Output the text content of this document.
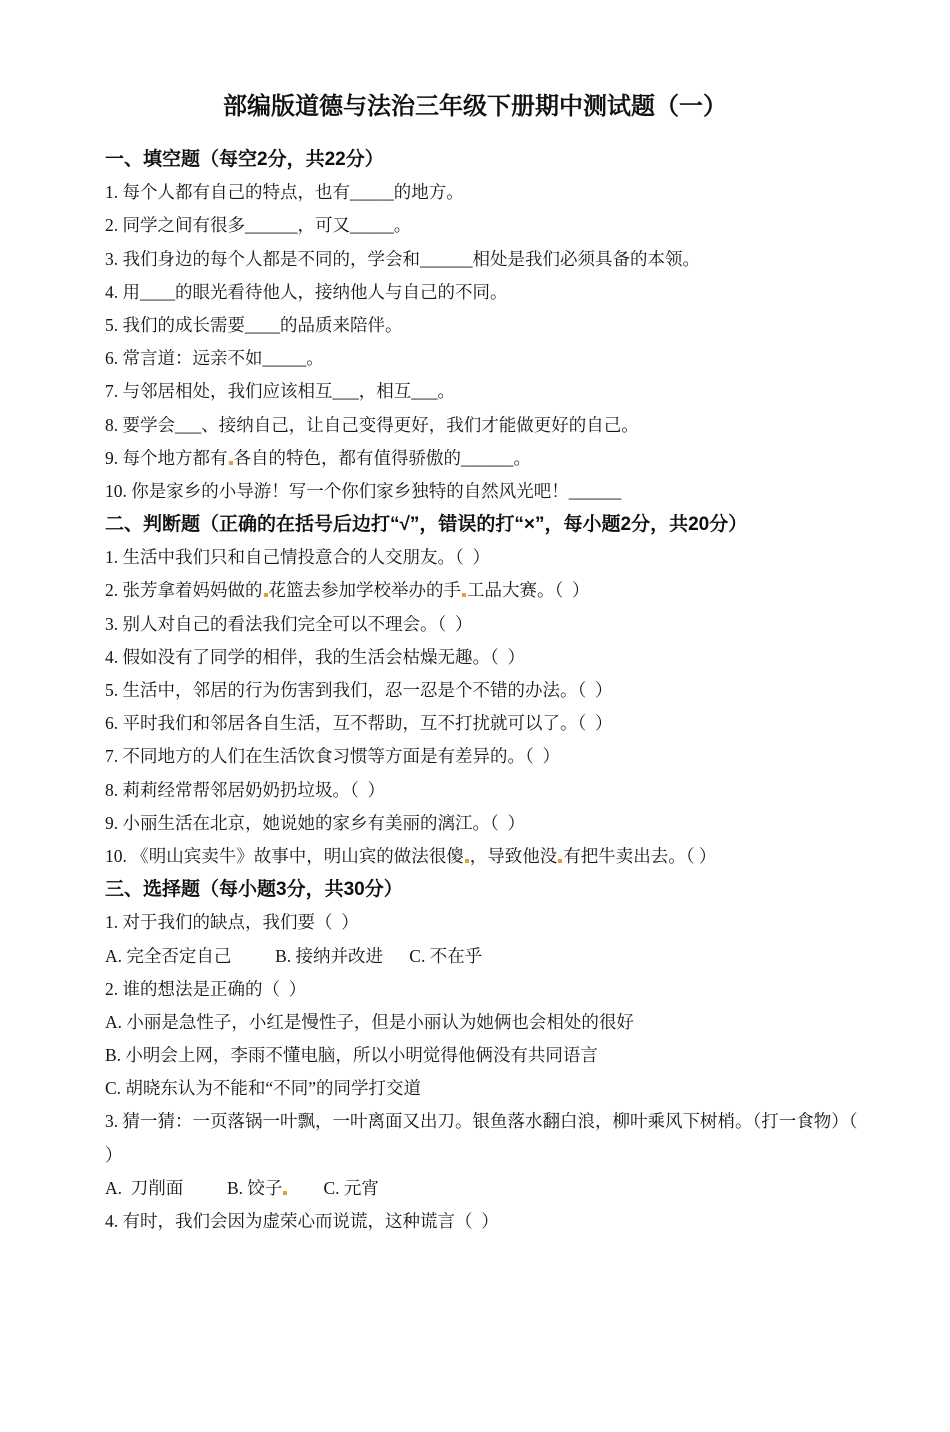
部编版道德与法治三年级下册期中测试题（一）
一、填空题（每空2分，共22分）
1. 每个人都有自己的特点，也有_____的地方。
2. 同学之间有很多______，可又_____。
3. 我们身边的每个人都是不同的，学会和______相处是我们必须具备的本领。
4. 用____的眼光看待他人，接纳他人与自己的不同。
5. 我们的成长需要____的品质来陪伴。
6. 常言道：远亲不如_____。
7. 与邻居相处，我们应该相互___，相互___。
8. 要学会___、接纳自己，让自己变得更好，我们才能做更好的自己。
9. 每个地方都有 各自的特色，都有值得骄傲的______。
10. 你是家乡的小导游！写一个你们家乡独特的自然风光吧！______
二、判断题（正确的在括号后边打“√”，错误的打“×”，每小题2分，共20分）
1. 生活中我们只和自己情投意合的人交朋友。（  ）
2. 张芳拿着妈妈做的 花篮去参加学校举办的手 工品大赛。（  ）
3. 别人对自己的看法我们完全可以不理会。（  ）
4. 假如没有了同学的相伴，我的生活会枯燥无趣。（  ）
5. 生活中，邻居的行为伤害到我们，忍一忍是个不错的办法。（  ）
6. 平时我们和邻居各自生活，互不帮助，互不打扰就可以了。（  ）
7. 不同地方的人们在生活饮食习惯等方面是有差异的。（  ）
8. 莉莉经常帮邻居奶奶扔垃圾。（  ）
9. 小丽生活在北京，她说她的家乡有美丽的漓江。（  ）
10. 《明山宾卖牛》故事中，明山宾的做法很傻 ，导致他没 有把牛卖出去。（ ）
三、选择题（每小题3分，共30分）
1. 对于我们的缺点，我们要（  ）
A. 完全否定自己          B. 接纳并改进      C. 不在乎
2. 谁的想法是正确的（  ）
A. 小丽是急性子，小红是慢性子，但是小丽认为她俩也会相处的很好
B. 小明会上网，李雨不懂电脑，所以小明觉得他俩没有共同语言
C. 胡晓东认为不能和“不同”的同学打交道
3. 猜一猜：一页落锅一叶飘，一叶离面又出刀。银鱼落水翻白浪，柳叶乘风下树梢。（打一食物）（
）
A.  刀削面          B. 饺子        C. 元宵
4. 有时，我们会因为虚荣心而说谎，这种谎言（  ）
